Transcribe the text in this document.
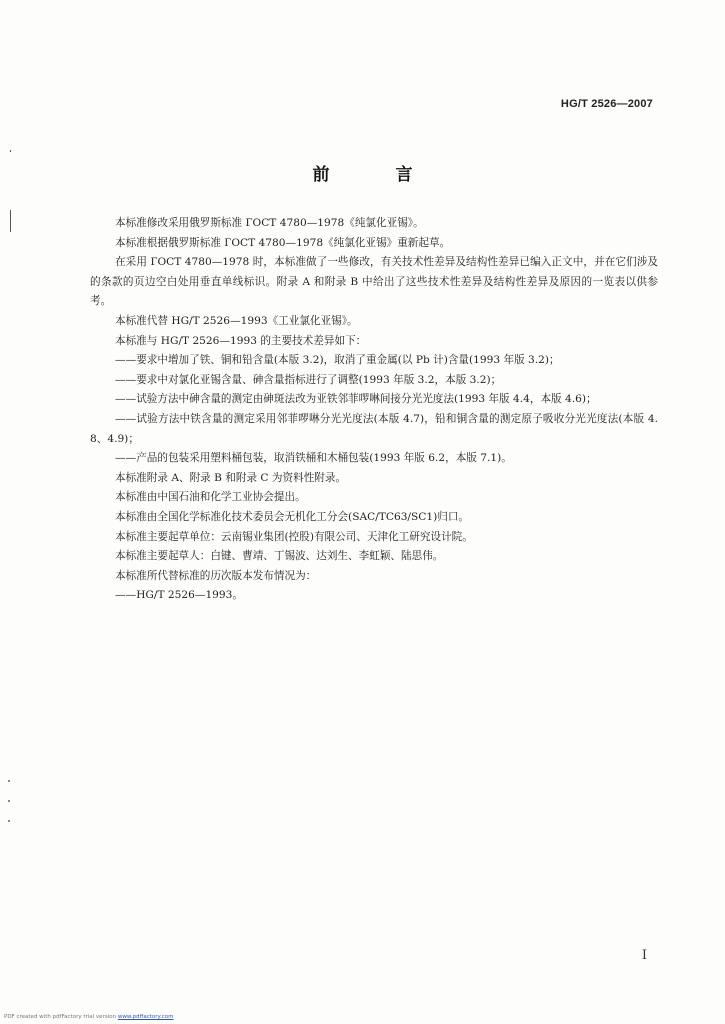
HG/T 2526—2007
前 言

本标准修改采用俄罗斯标准 ГОСТ 4780—1978《纯氯化亚锡》。

本标准根据俄罗斯标准 ГОСТ 4780—1978《纯氯化亚锡》重新起草。

在采用 ГОСТ 4780—1978 时，本标准做了一些修改，有关技术性差异及结构性差异已编入正文中，并在它们涉及的条款的页边空白处用垂直单线标识。附录 A 和附录 B 中给出了这些技术性差异及结构性差异及原因的一览表以供参考。

本标准代替 HG/T 2526—1993《工业氯化亚锡》。

本标准与 HG/T 2526—1993 的主要技术差异如下：

——要求中增加了铁、铜和铅含量(本版 3.2)，取消了重金属(以 Pb 计)含量(1993 年版 3.2)；

——要求中对氯化亚锡含量、砷含量指标进行了调整(1993 年版 3.2，本版 3.2)；

——试验方法中砷含量的测定由砷斑法改为亚铁邻菲啰啉间接分光光度法(1993 年版 4.4，本版 4.6)；

——试验方法中铁含量的测定采用邻菲啰啉分光光度法(本版 4.7)，铅和铜含量的测定原子吸收分光光度法(本版 4.8、4.9)；

——产品的包装采用塑料桶包装，取消铁桶和木桶包装(1993 年版 6.2，本版 7.1)。

本标准附录 A、附录 B 和附录 C 为资料性附录。

本标准由中国石油和化学工业协会提出。

本标准由全国化学标准化技术委员会无机化工分会(SAC/TC63/SC1)归口。

本标准主要起草单位：云南锡业集团(控股)有限公司、天津化工研究设计院。

本标准主要起草人：白键、曹靖、丁锡波、达刘生、李虹颖、陆思伟。

本标准所代替标准的历次版本发布情况为：

——HG/T 2526—1993。

I
PDF created with pdfFactory trial version www.pdffactory.com
